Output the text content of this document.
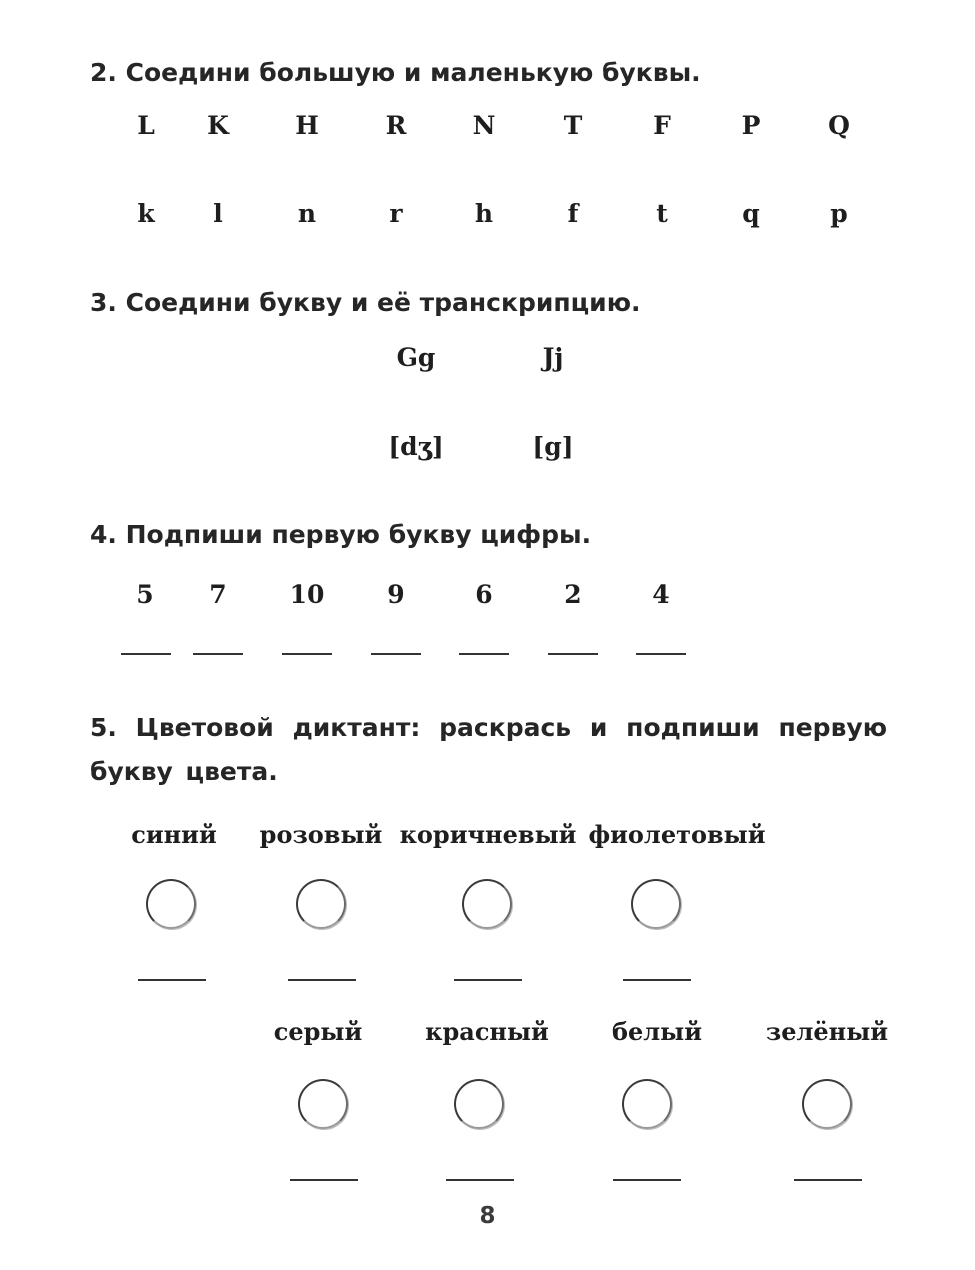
2. Соедини большую и маленькую буквы.
L	K	H	R	N	T	F	P	Q
k	l	n	r	h	f	t	q	p
3. Соедини букву и её транскрипцию.
Gg	Jj
[dʒ]	[g]
4. Подпиши первую букву цифры.
5	7	10	9	6	2	4
5. Цветовой диктант: раскрась и подпиши первую букву цвета.
синий розовый коричневый фиолетовый
серый	красный	белый	зелёный
8
